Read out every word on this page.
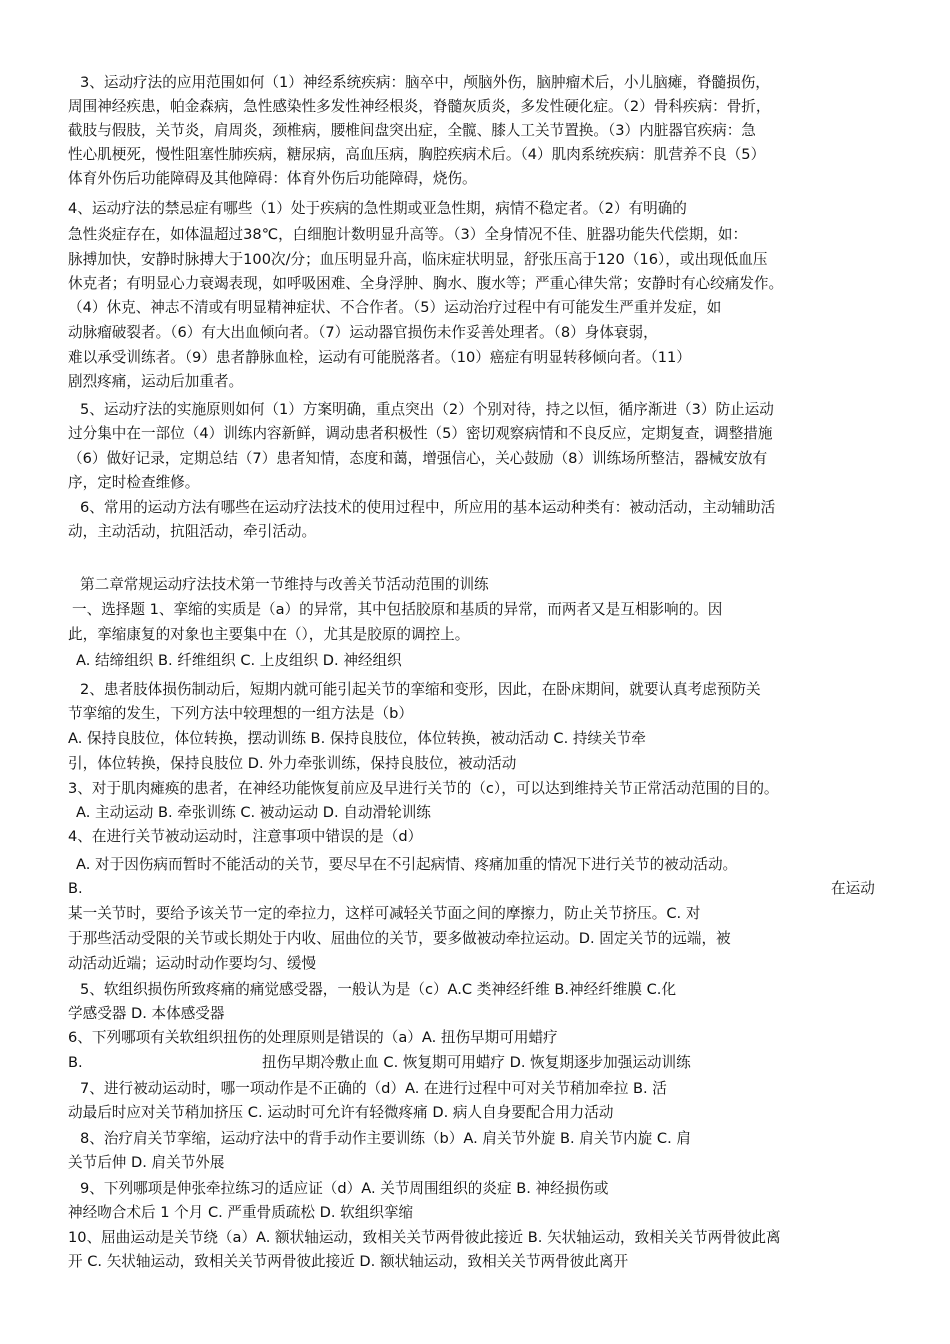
3、运动疗法的应用范围如何（1）神经系统疾病：脑卒中，颅脑外伤，脑肿瘤术后，小儿脑瘫，脊髓损伤，
周围神经疾患，帕金森病，急性感染性多发性神经根炎，脊髓灰质炎，多发性硬化症。（2）骨科疾病：骨折，
截肢与假肢，关节炎，肩周炎，颈椎病，腰椎间盘突出症，全髋、膝人工关节置换。（3）内脏器官疾病：急
性心肌梗死，慢性阻塞性肺疾病，糖尿病，高血压病，胸腔疾病术后。（4）肌肉系统疾病：肌营养不良（5）
体育外伤后功能障碍及其他障碍：体育外伤后功能障碍，烧伤。
4、运动疗法的禁忌症有哪些（1）处于疾病的急性期或亚急性期，病情不稳定者。（2）有明确的
急性炎症存在，如体温超过38℃，白细胞计数明显升高等。（3）全身情况不佳、脏器功能失代偿期，如：
脉搏加快，安静时脉搏大于100次/分；血压明显升高，临床症状明显，舒张压高于120（16），或出现低血压
休克者；有明显心力衰竭表现，如呼吸困难、全身浮肿、胸水、腹水等；严重心律失常；安静时有心绞痛发作。
（4）休克、神志不清或有明显精神症状、不合作者。（5）运动治疗过程中有可能发生严重并发症，如
动脉瘤破裂者。（6）有大出血倾向者。（7）运动器官损伤未作妥善处理者。（8）身体衰弱，
难以承受训练者。（9）患者静脉血栓，运动有可能脱落者。（10）癌症有明显转移倾向者。（11）
剧烈疼痛，运动后加重者。
5、运动疗法的实施原则如何（1）方案明确，重点突出（2）个别对待，持之以恒，循序渐进（3）防止运动
过分集中在一部位（4）训练内容新鲜，调动患者积极性（5）密切观察病情和不良反应，定期复查，调整措施
（6）做好记录，定期总结（7）患者知情，态度和蔼，增强信心，关心鼓励（8）训练场所整洁，器械安放有
序，定时检查维修。
6、常用的运动方法有哪些在运动疗法技术的使用过程中，所应用的基本运动种类有：被动活动，主动辅助活
动，主动活动，抗阻活动，牵引活动。
第二章常规运动疗法技术第一节维持与改善关节活动范围的训练
一、选择题 1、挛缩的实质是（a）的异常，其中包括胶原和基质的异常，而两者又是互相影响的。因
此，挛缩康复的对象也主要集中在（），尤其是胶原的调控上。
A. 结缔组织 B. 纤维组织 C. 上皮组织 D. 神经组织
2、患者肢体损伤制动后，短期内就可能引起关节的挛缩和变形，因此，在卧床期间，就要认真考虑预防关
节挛缩的发生，下列方法中较理想的一组方法是（b）
A. 保持良肢位，体位转换，摆动训练 B. 保持良肢位，体位转换，被动活动 C. 持续关节牵
引，体位转换，保持良肢位 D. 外力牵张训练，保持良肢位，被动活动
3、对于肌肉瘫痪的患者，在神经功能恢复前应及早进行关节的（c），可以达到维持关节正常活动范围的目的。
A. 主动运动 B. 牵张训练 C. 被动运动 D. 自动滑轮训练
4、在进行关节被动运动时，注意事项中错误的是（d）
A. 对于因伤病而暂时不能活动的关节，要尽早在不引起病情、疼痛加重的情况下进行关节的被动活动。
B.	在运动
某一关节时，要给予该关节一定的牵拉力，这样可减轻关节面之间的摩擦力，防止关节挤压。C. 对
于那些活动受限的关节或长期处于内收、屈曲位的关节，要多做被动牵拉运动。D. 固定关节的远端，被
动活动近端；运动时动作要均匀、缓慢
5、软组织损伤所致疼痛的痛觉感受器，一般认为是（c）A.C 类神经纤维 B.神经纤维膜 C.化
学感受器 D. 本体感受器
6、下列哪项有关软组织扭伤的处理原则是错误的（a）A. 扭伤早期可用蜡疗
B.	扭伤早期冷敷止血 C. 恢复期可用蜡疗 D. 恢复期逐步加强运动训练
7、进行被动运动时，哪一项动作是不正确的（d）A. 在进行过程中可对关节稍加牵拉 B. 活
动最后时应对关节稍加挤压 C. 运动时可允许有轻微疼痛 D. 病人自身要配合用力活动
8、治疗肩关节挛缩，运动疗法中的背手动作主要训练（b）A. 肩关节外旋 B. 肩关节内旋 C. 肩
关节后伸 D. 肩关节外展
9、下列哪项是伸张牵拉练习的适应证（d）A. 关节周围组织的炎症 B. 神经损伤或
神经吻合术后 1 个月 C. 严重骨质疏松 D. 软组织挛缩
10、屈曲运动是关节绕（a）A. 额状轴运动，致相关关节两骨彼此接近 B. 矢状轴运动，致相关关节两骨彼此离
开 C. 矢状轴运动，致相关关节两骨彼此接近 D. 额状轴运动，致相关关节两骨彼此离开
